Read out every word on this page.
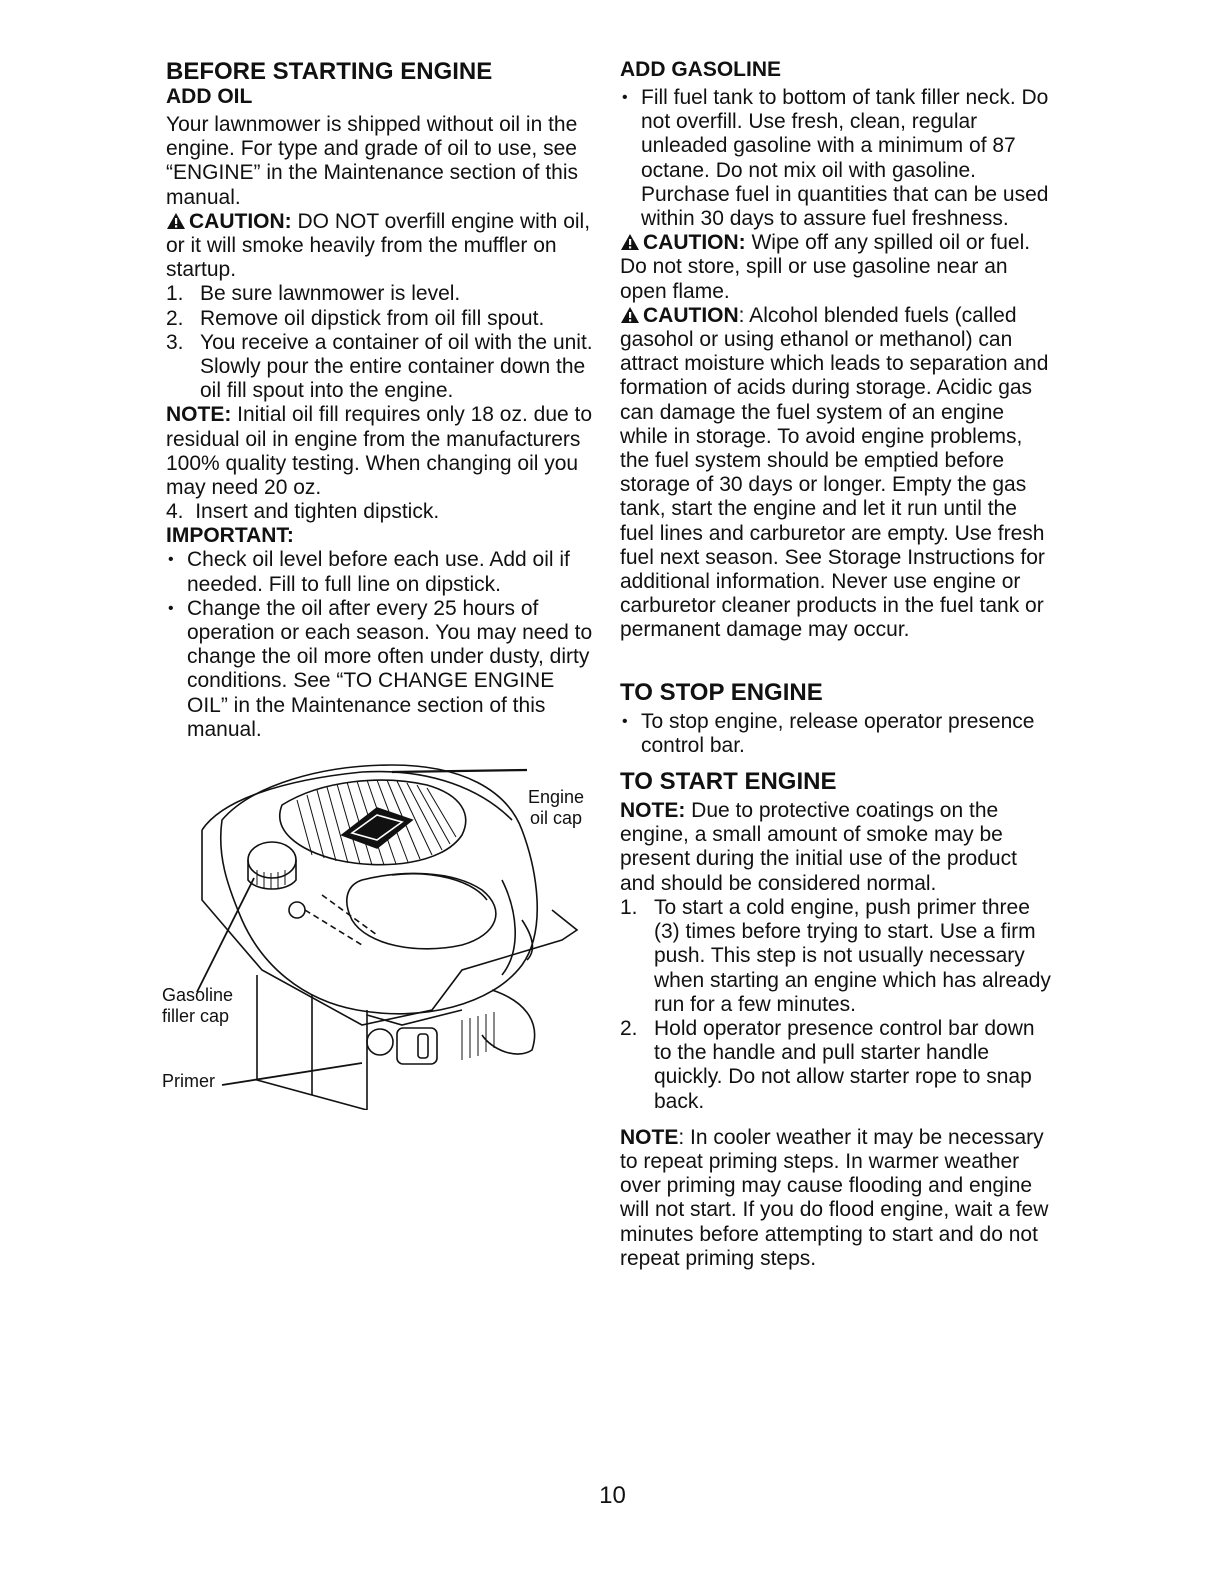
BEFORE STARTING ENGINE
ADD OIL

Your lawnmower is shipped without oil in the engine. For type and grade of oil to use, see “ENGINE” in the Maintenance section of this manual.

CAUTION: DO NOT overfill engine with oil, or it will smoke heavily from the muffler on startup.

1. Be sure lawnmower is level.
2. Remove oil dipstick from oil fill spout.
3. You receive a container of oil with the unit. Slowly pour the entire container down the oil fill spout into the engine.

NOTE: Initial oil fill requires only 18 oz. due to residual oil in engine from the manufacturers 100% quality testing. When changing oil you may need 20 oz.

4. Insert and tighten dipstick.

IMPORTANT:
• Check oil level before each use. Add oil if needed. Fill to full line on dipstick.
• Change the oil after every 25 hours of operation or each season. You may need to change the oil more often under dusty, dirty conditions. See “TO CHANGE ENGINE OIL” in the Maintenance section of this manual.
Engine
oil cap
Gasoline
filler cap
Primer
ADD GASOLINE
• Fill fuel tank to bottom of tank filler neck. Do not overfill. Use fresh, clean, regular unleaded gasoline with a minimum of 87 octane. Do not mix oil with gasoline. Purchase fuel in quantities that can be used within 30 days to assure fuel freshness.

CAUTION: Wipe off any spilled oil or fuel. Do not store, spill or use gasoline near an open flame.

CAUTION: Alcohol blended fuels (called gasohol or using ethanol or methanol) can attract moisture which leads to separation and formation of acids during storage. Acidic gas can damage the fuel system of an engine while in storage. To avoid engine problems, the fuel system should be emptied before storage of 30 days or longer. Empty the gas tank, start the engine and let it run until the fuel lines and carburetor are empty. Use fresh fuel next season. See Storage Instructions for additional information. Never use engine or carburetor cleaner products in the fuel tank or permanent damage may occur.

TO STOP ENGINE
• To stop engine, release operator presence control bar.
TO START ENGINE

NOTE: Due to protective coatings on the engine, a small amount of smoke may be present during the initial use of the product and should be considered normal.

1. To start a cold engine, push primer three (3) times before trying to start. Use a firm push. This step is not usually necessary when starting an engine which has already run for a few minutes.
2. Hold operator presence control bar down to the handle and pull starter handle quickly. Do not allow starter rope to snap back.

NOTE: In cooler weather it may be necessary to repeat priming steps. In warmer weather over priming may cause flooding and engine will not start. If you do flood engine, wait a few minutes before attempting to start and do not repeat priming steps.

10
